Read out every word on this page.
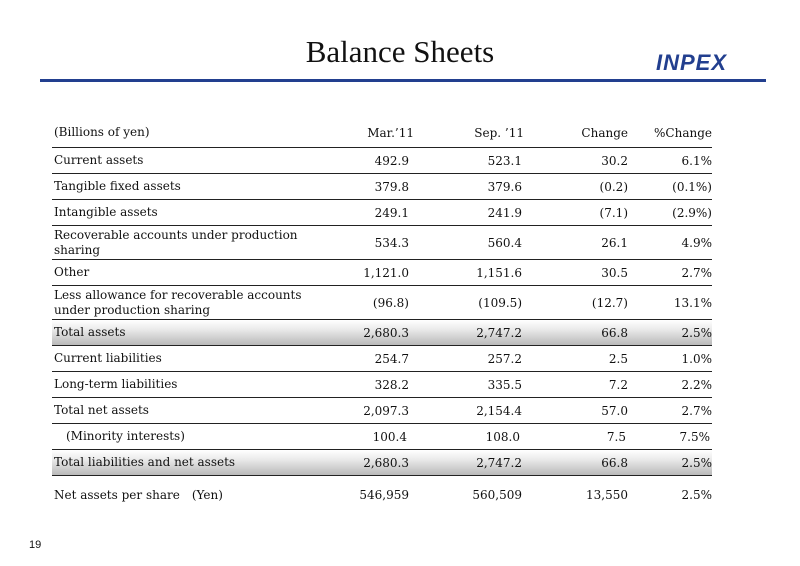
Balance Sheets	INPEX
(Billions of yen)	Mar.’11	Sep. ’11	Change	%Change
Current assets	492.9	523.1	30.2	6.1%
Tangible fixed assets	379.8	379.6	(0.2)	(0.1%)
Intangible assets	249.1	241.9	(7.1)	(2.9%)
Recoverable accounts under production sharing	534.3	560.4	26.1	4.9%
Other	1,121.0	1,151.6	30.5	2.7%
Less allowance for recoverable accounts under production sharing	(96.8)	(109.5)	(12.7)	13.1%
Total assets	2,680.3	2,747.2	66.8	2.5%
Current liabilities	254.7	257.2	2.5	1.0%
Long-term liabilities	328.2	335.5	7.2	2.2%
Total net assets	2,097.3	2,154.4	57.0	2.7%
(Minority interests)	100.4	108.0	7.5	7.5%
Total liabilities and net assets	2,680.3	2,747.2	66.8	2.5%
Net assets per share　(Yen)	546,959	560,509	13,550	2.5%
19
